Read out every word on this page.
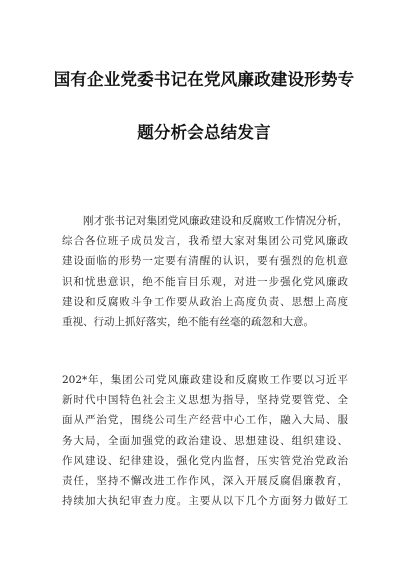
国有企业党委书记在党风廉政建设形势专
题分析会总结发言
刚才张书记对集团党风廉政建设和反腐败工作情况分析，
综合各位班子成员发言，我希望大家对集团公司党风廉政
建设面临的形势一定要有清醒的认识，要有强烈的危机意
识和忧患意识，绝不能盲目乐观，对进一步强化党风廉政
建设和反腐败斗争工作要从政治上高度负责、思想上高度
重视、行动上抓好落实，绝不能有丝毫的疏忽和大意。
202*年，集团公司党风廉政建设和反腐败工作要以习近平
新时代中国特色社会主义思想为指导，坚持党要管党、全
面从严治党，围绕公司生产经营中心工作，融入大局、服
务大局，全面加强党的政治建设、思想建设、组织建设、
作风建设、纪律建设，强化党内监督，压实管党治党政治
责任，坚持不懈改进工作作风，深入开展反腐倡廉教育，
持续加大执纪审查力度。主要从以下几个方面努力做好工
